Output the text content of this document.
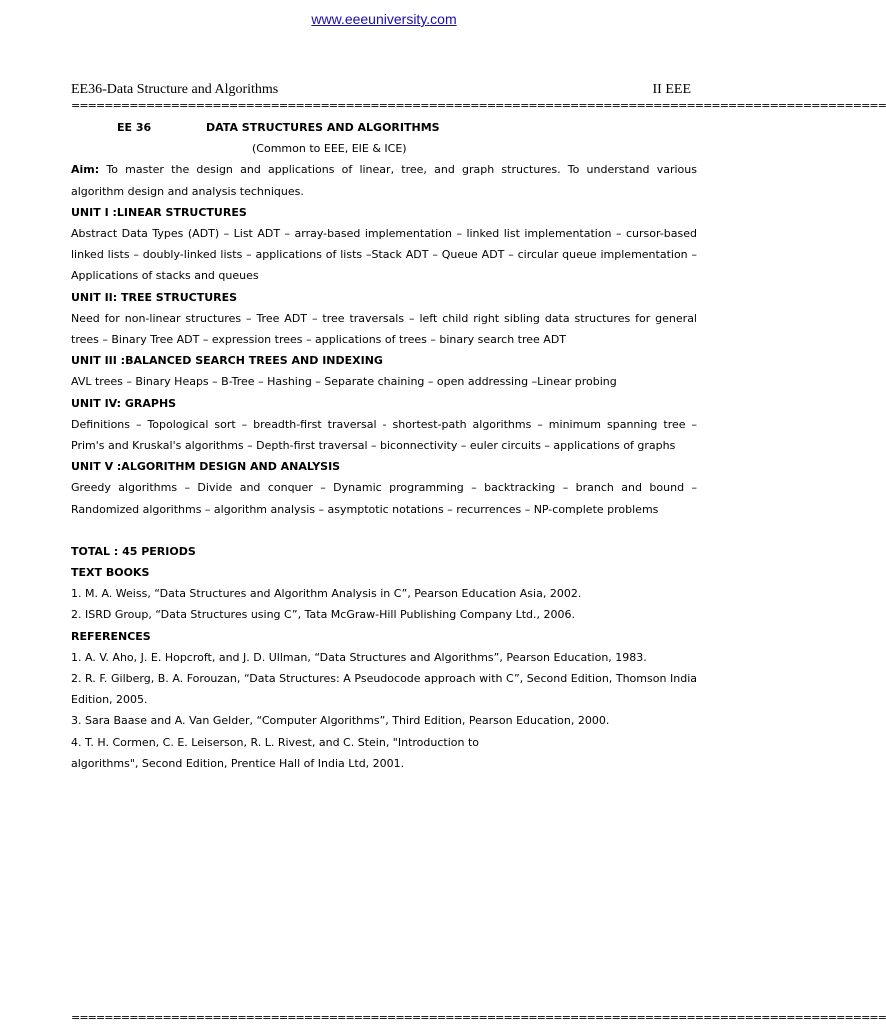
www.eeeuniversity.com
EE36-Data Structure and Algorithms	II EEE
==================================================================================================
EE 36	DATA STRUCTURES AND ALGORITHMS

(Common to EEE, EIE & ICE)

Aim: To master the design and applications of linear, tree, and graph structures. To understand various algorithm design and analysis techniques.

UNIT I :LINEAR STRUCTURES

Abstract Data Types (ADT) – List ADT – array-based implementation – linked list implementation – cursor-based linked lists – doubly-linked lists – applications of lists –Stack ADT – Queue ADT – circular queue implementation – Applications of stacks and queues

UNIT II: TREE STRUCTURES

Need for non-linear structures – Tree ADT – tree traversals – left child right sibling data structures for general trees – Binary Tree ADT – expression trees – applications of trees – binary search tree ADT

UNIT III :BALANCED SEARCH TREES AND INDEXING

AVL trees – Binary Heaps – B-Tree – Hashing – Separate chaining – open addressing –Linear probing

UNIT IV: GRAPHS

Definitions – Topological sort – breadth-first traversal - shortest-path algorithms – minimum spanning tree – Prim's and Kruskal's algorithms – Depth-first traversal – biconnectivity – euler circuits – applications of graphs

UNIT V :ALGORITHM DESIGN AND ANALYSIS

Greedy algorithms – Divide and conquer – Dynamic programming – backtracking – branch and bound – Randomized algorithms – algorithm analysis – asymptotic notations – recurrences – NP-complete problems

TOTAL : 45 PERIODS

TEXT BOOKS

1. M. A. Weiss, “Data Structures and Algorithm Analysis in C”, Pearson Education Asia, 2002.

2. ISRD Group, “Data Structures using C”, Tata McGraw-Hill Publishing Company Ltd., 2006.

REFERENCES

1. A. V. Aho, J. E. Hopcroft, and J. D. Ullman, “Data Structures and Algorithms”, Pearson Education, 1983.

2. R. F. Gilberg, B. A. Forouzan, “Data Structures: A Pseudocode approach with C”, Second Edition, Thomson India Edition, 2005.

3. Sara Baase and A. Van Gelder, “Computer Algorithms”, Third Edition, Pearson Education, 2000.

4. T. H. Cormen, C. E. Leiserson, R. L. Rivest, and C. Stein, "Introduction to

algorithms", Second Edition, Prentice Hall of India Ltd, 2001.

==================================================================================================
